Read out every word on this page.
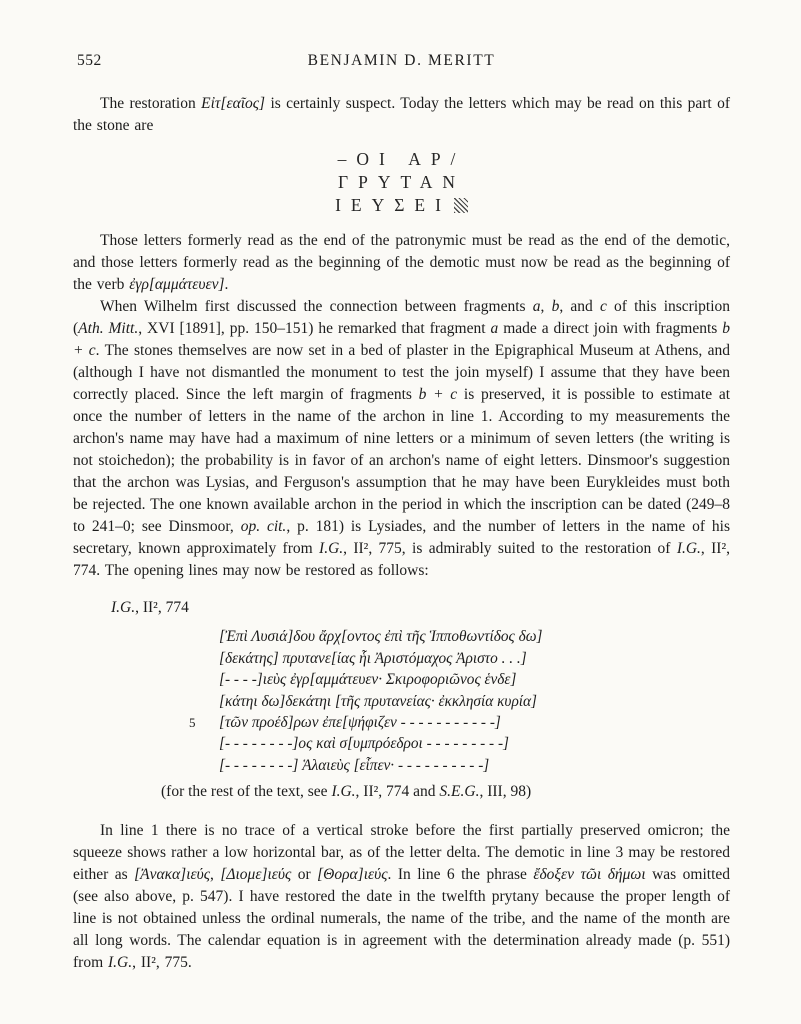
552	BENJAMIN D. MERITT

The restoration Εἰτ[εαῖος] is certainly suspect. Today the letters which may be read on this part of the stone are

–ΟΙ ΑΡ/
ΓΡΥΤΑΝ
ΙΕΥΣΕΙ

Those letters formerly read as the end of the patronymic must be read as the end of the demotic, and those letters formerly read as the beginning of the demotic must now be read as the beginning of the verb ἐγρ[αμμάτευεν].

When Wilhelm first discussed the connection between fragments a, b, and c of this inscription (Ath. Mitt., XVI [1891], pp. 150–151) he remarked that fragment a made a direct join with fragments b + c. The stones themselves are now set in a bed of plaster in the Epigraphical Museum at Athens, and (although I have not dismantled the monument to test the join myself) I assume that they have been correctly placed. Since the left margin of fragments b + c is preserved, it is possible to estimate at once the number of letters in the name of the archon in line 1. According to my measurements the archon's name may have had a maximum of nine letters or a minimum of seven letters (the writing is not stoichedon); the probability is in favor of an archon's name of eight letters. Dinsmoor's suggestion that the archon was Lysias, and Ferguson's assumption that he may have been Eurykleides must both be rejected. The one known available archon in the period in which the inscription can be dated (249–8 to 241–0; see Dinsmoor, op. cit., p. 181) is Lysiades, and the number of letters in the name of his secretary, known approximately from I.G., II², 775, is admirably suited to the restoration of I.G., II², 774. The opening lines may now be restored as follows:

I.G., II², 774
[Ἐπὶ Λυσιά]δου ἄρχ[οντος ἐπὶ τῆς Ἱπποθωντίδος δω]
[δεκάτης] πρυτανε[ίας ἧι Ἀριστόμαχος Ἀριστο . . .]
[- - - -]ιεὺς ἐγρ[αμμάτευεν· Σκιροφοριῶνος ἑνδε]
[κάτηι δω]δεκάτηι [τῆς πρυτανείας· ἐκκλησία κυρία]
5 [τῶν προέδ]ρων ἐπε[ψήφιζεν - - - - - - - - - - -]
[- - - - - - - -]ος καὶ σ[υμπρόεδροι - - - - - - - - -]
[- - - - - - - -] Ἁλαιεὺς [εἶπεν· - - - - - - - - - -]
(for the rest of the text, see I.G., II², 774 and S.E.G., III, 98)

In line 1 there is no trace of a vertical stroke before the first partially preserved omicron; the squeeze shows rather a low horizontal bar, as of the letter delta. The demotic in line 3 may be restored either as [Ἀνακα]ιεύς, [Διομε]ιεύς or [Θορα]ιεύς. In line 6 the phrase ἔδοξεν τῶι δήμωι was omitted (see also above, p. 547). I have restored the date in the twelfth prytany because the proper length of line is not obtained unless the ordinal numerals, the name of the tribe, and the name of the month are all long words. The calendar equation is in agreement with the determination already made (p. 551) from I.G., II², 775.
